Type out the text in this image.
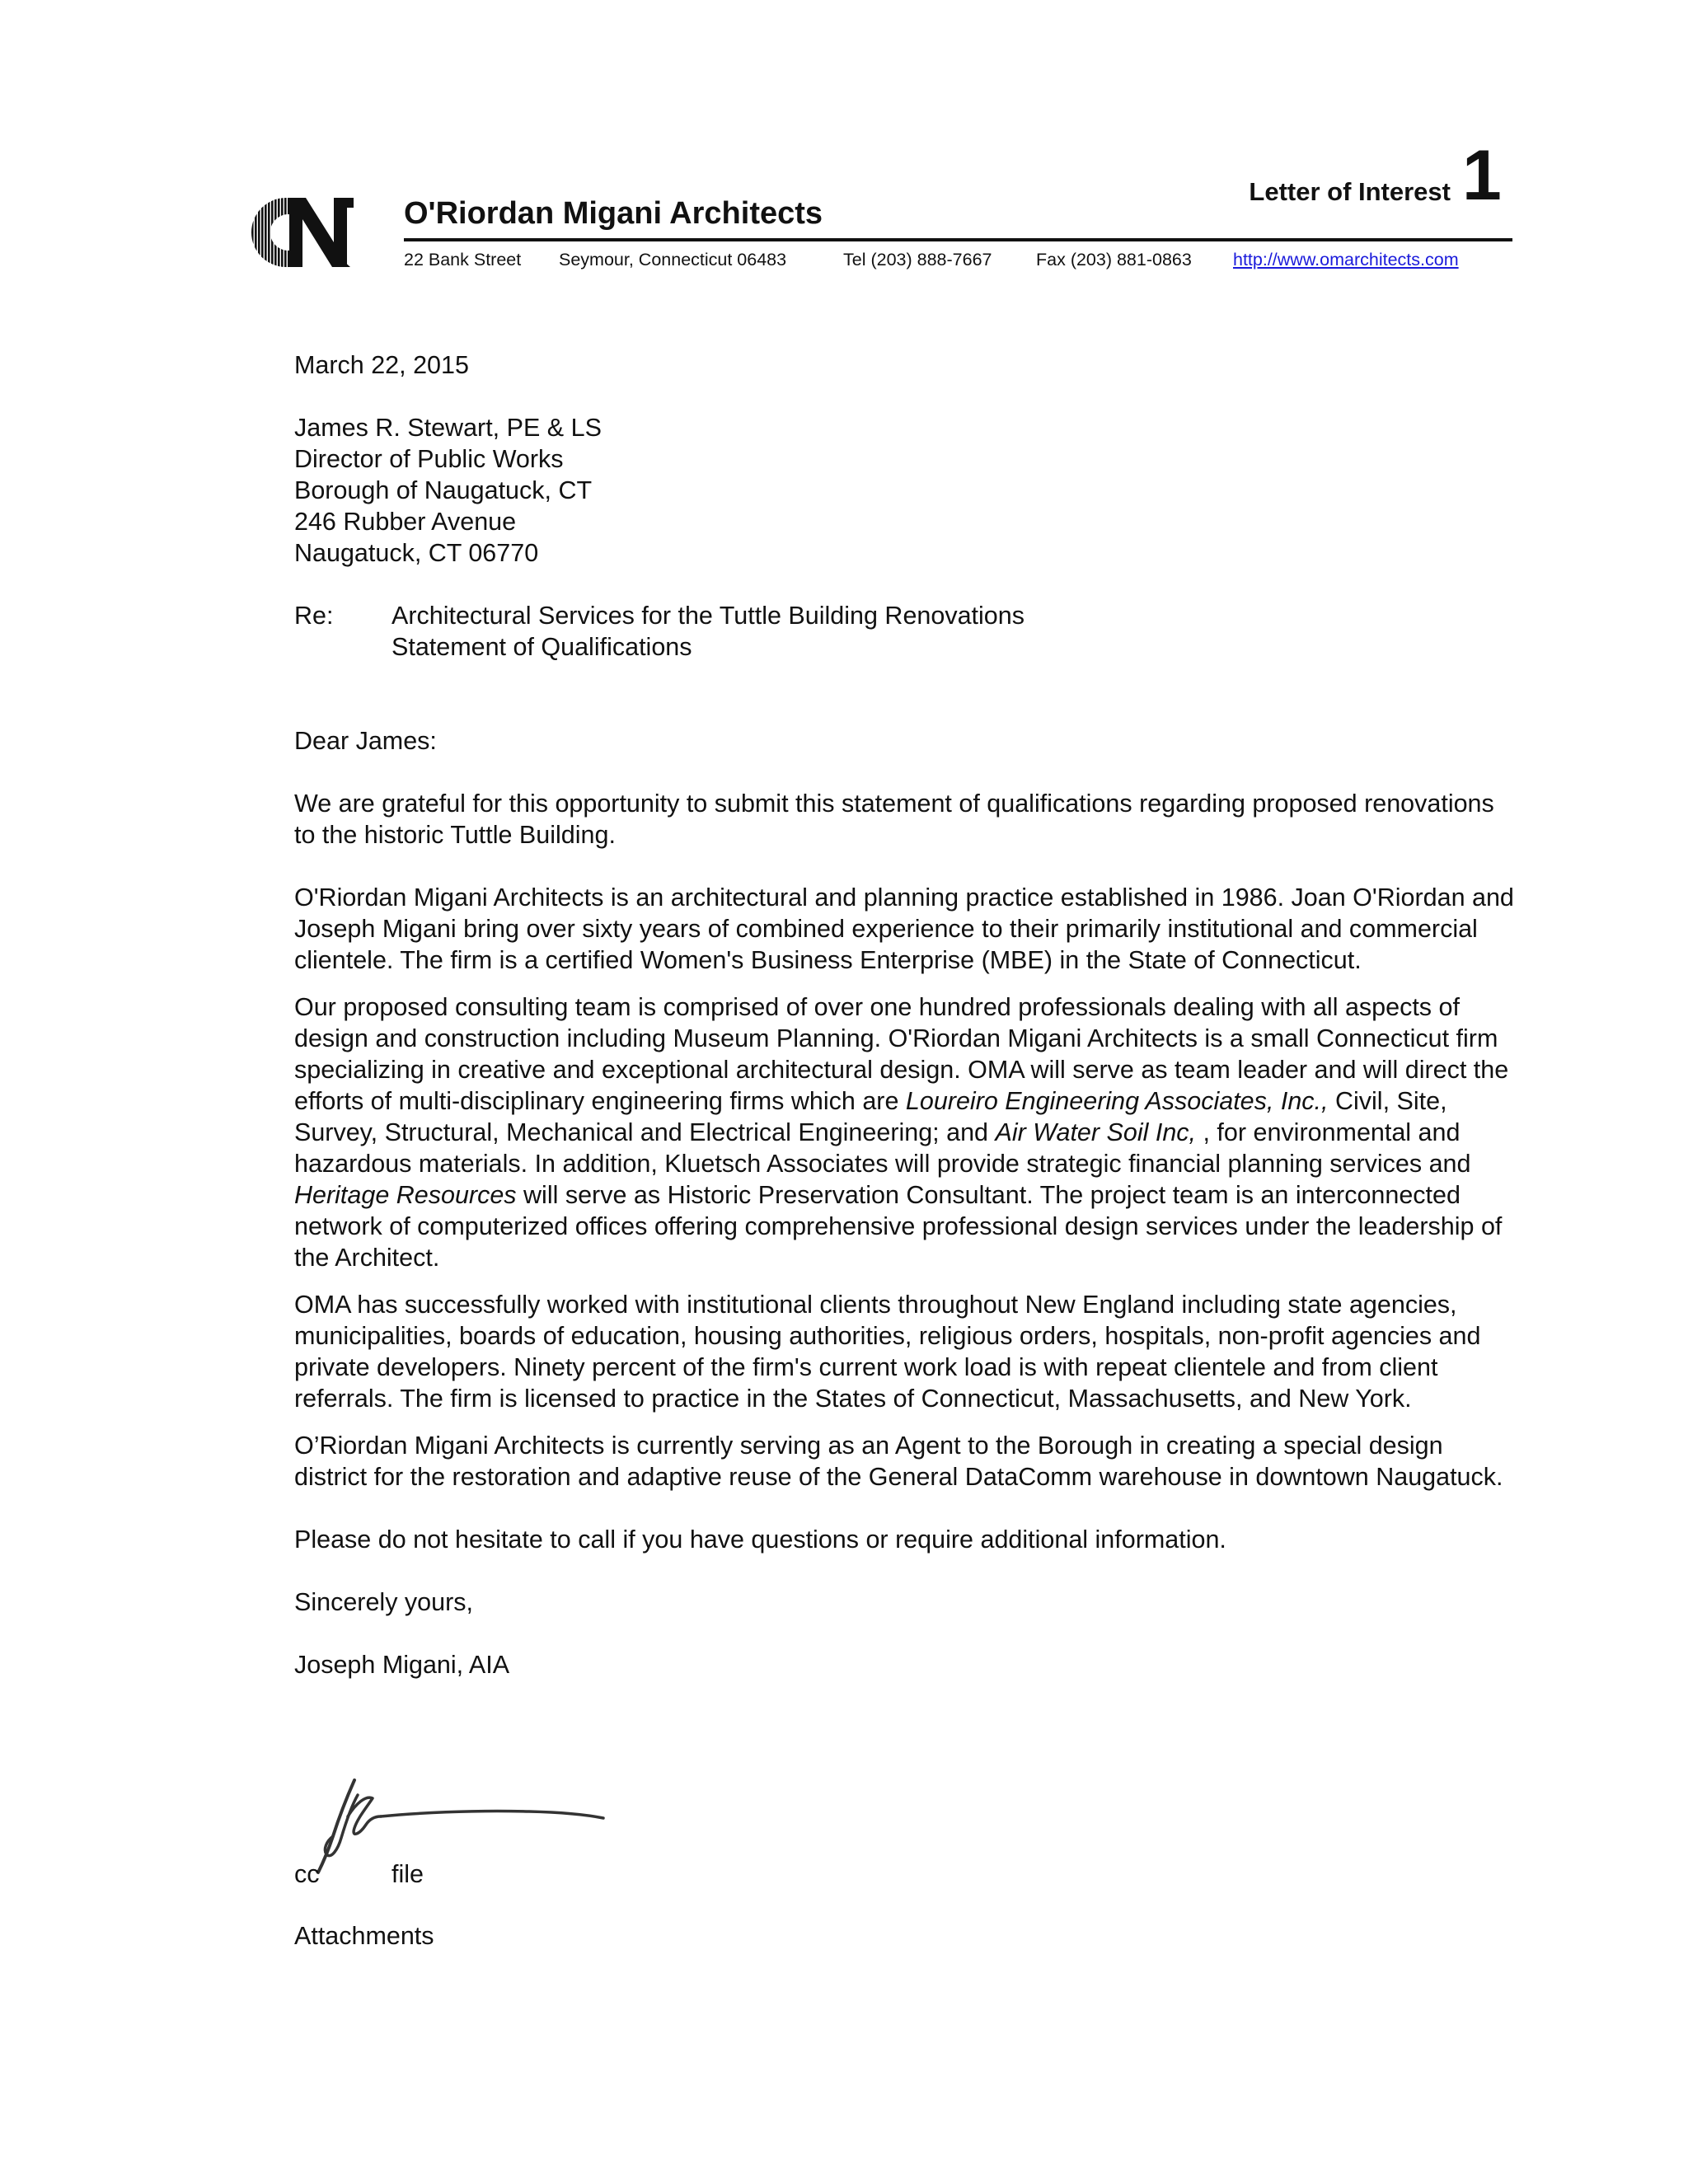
O'Riordan Migani Architects
Letter of Interest 1
22 Bank Street Seymour, Connecticut 06483	Tel (203) 888-7667 Fax (203) 881-0863 http://www.omarchitects.com

March 22, 2015

James R. Stewart, PE & LS

Director of Public Works

Borough of Naugatuck, CT

246 Rubber Avenue

Naugatuck, CT 06770

Re:	Architectural Services for the Tuttle Building Renovations

Statement of Qualifications

Dear James:

We are grateful for this opportunity to submit this statement of qualifications regarding proposed renovations to the historic Tuttle Building.

O'Riordan Migani Architects is an architectural and planning practice established in 1986. Joan O'Riordan and Joseph Migani bring over sixty years of combined experience to their primarily institutional and commercial clientele. The firm is a certified Women's Business Enterprise (MBE) in the State of Connecticut.

Our proposed consulting team is comprised of over one hundred professionals dealing with all aspects of design and construction including Museum Planning. O'Riordan Migani Architects is a small Connecticut firm specializing in creative and exceptional architectural design. OMA will serve as team leader and will direct the efforts of multi-disciplinary engineering firms which are Loureiro Engineering Associates, Inc., Civil, Site, Survey, Structural, Mechanical and Electrical Engineering; and Air Water Soil Inc, , for environmental and hazardous materials. In addition, Kluetsch Associates will provide strategic financial planning services and Heritage Resources will serve as Historic Preservation Consultant. The project team is an interconnected network of computerized offices offering comprehensive professional design services under the leadership of the Architect.

OMA has successfully worked with institutional clients throughout New England including state agencies, municipalities, boards of education, housing authorities, religious orders, hospitals, non-profit agencies and private developers. Ninety percent of the firm's current work load is with repeat clientele and from client referrals. The firm is licensed to practice in the States of Connecticut, Massachusetts, and New York.

O’Riordan Migani Architects is currently serving as an Agent to the Borough in creating a special design district for the restoration and adaptive reuse of the General DataComm warehouse in downtown Naugatuck.

Please do not hesitate to call if you have questions or require additional information.

Sincerely yours,

Joseph Migani, AIA

cc	file
Attachments
